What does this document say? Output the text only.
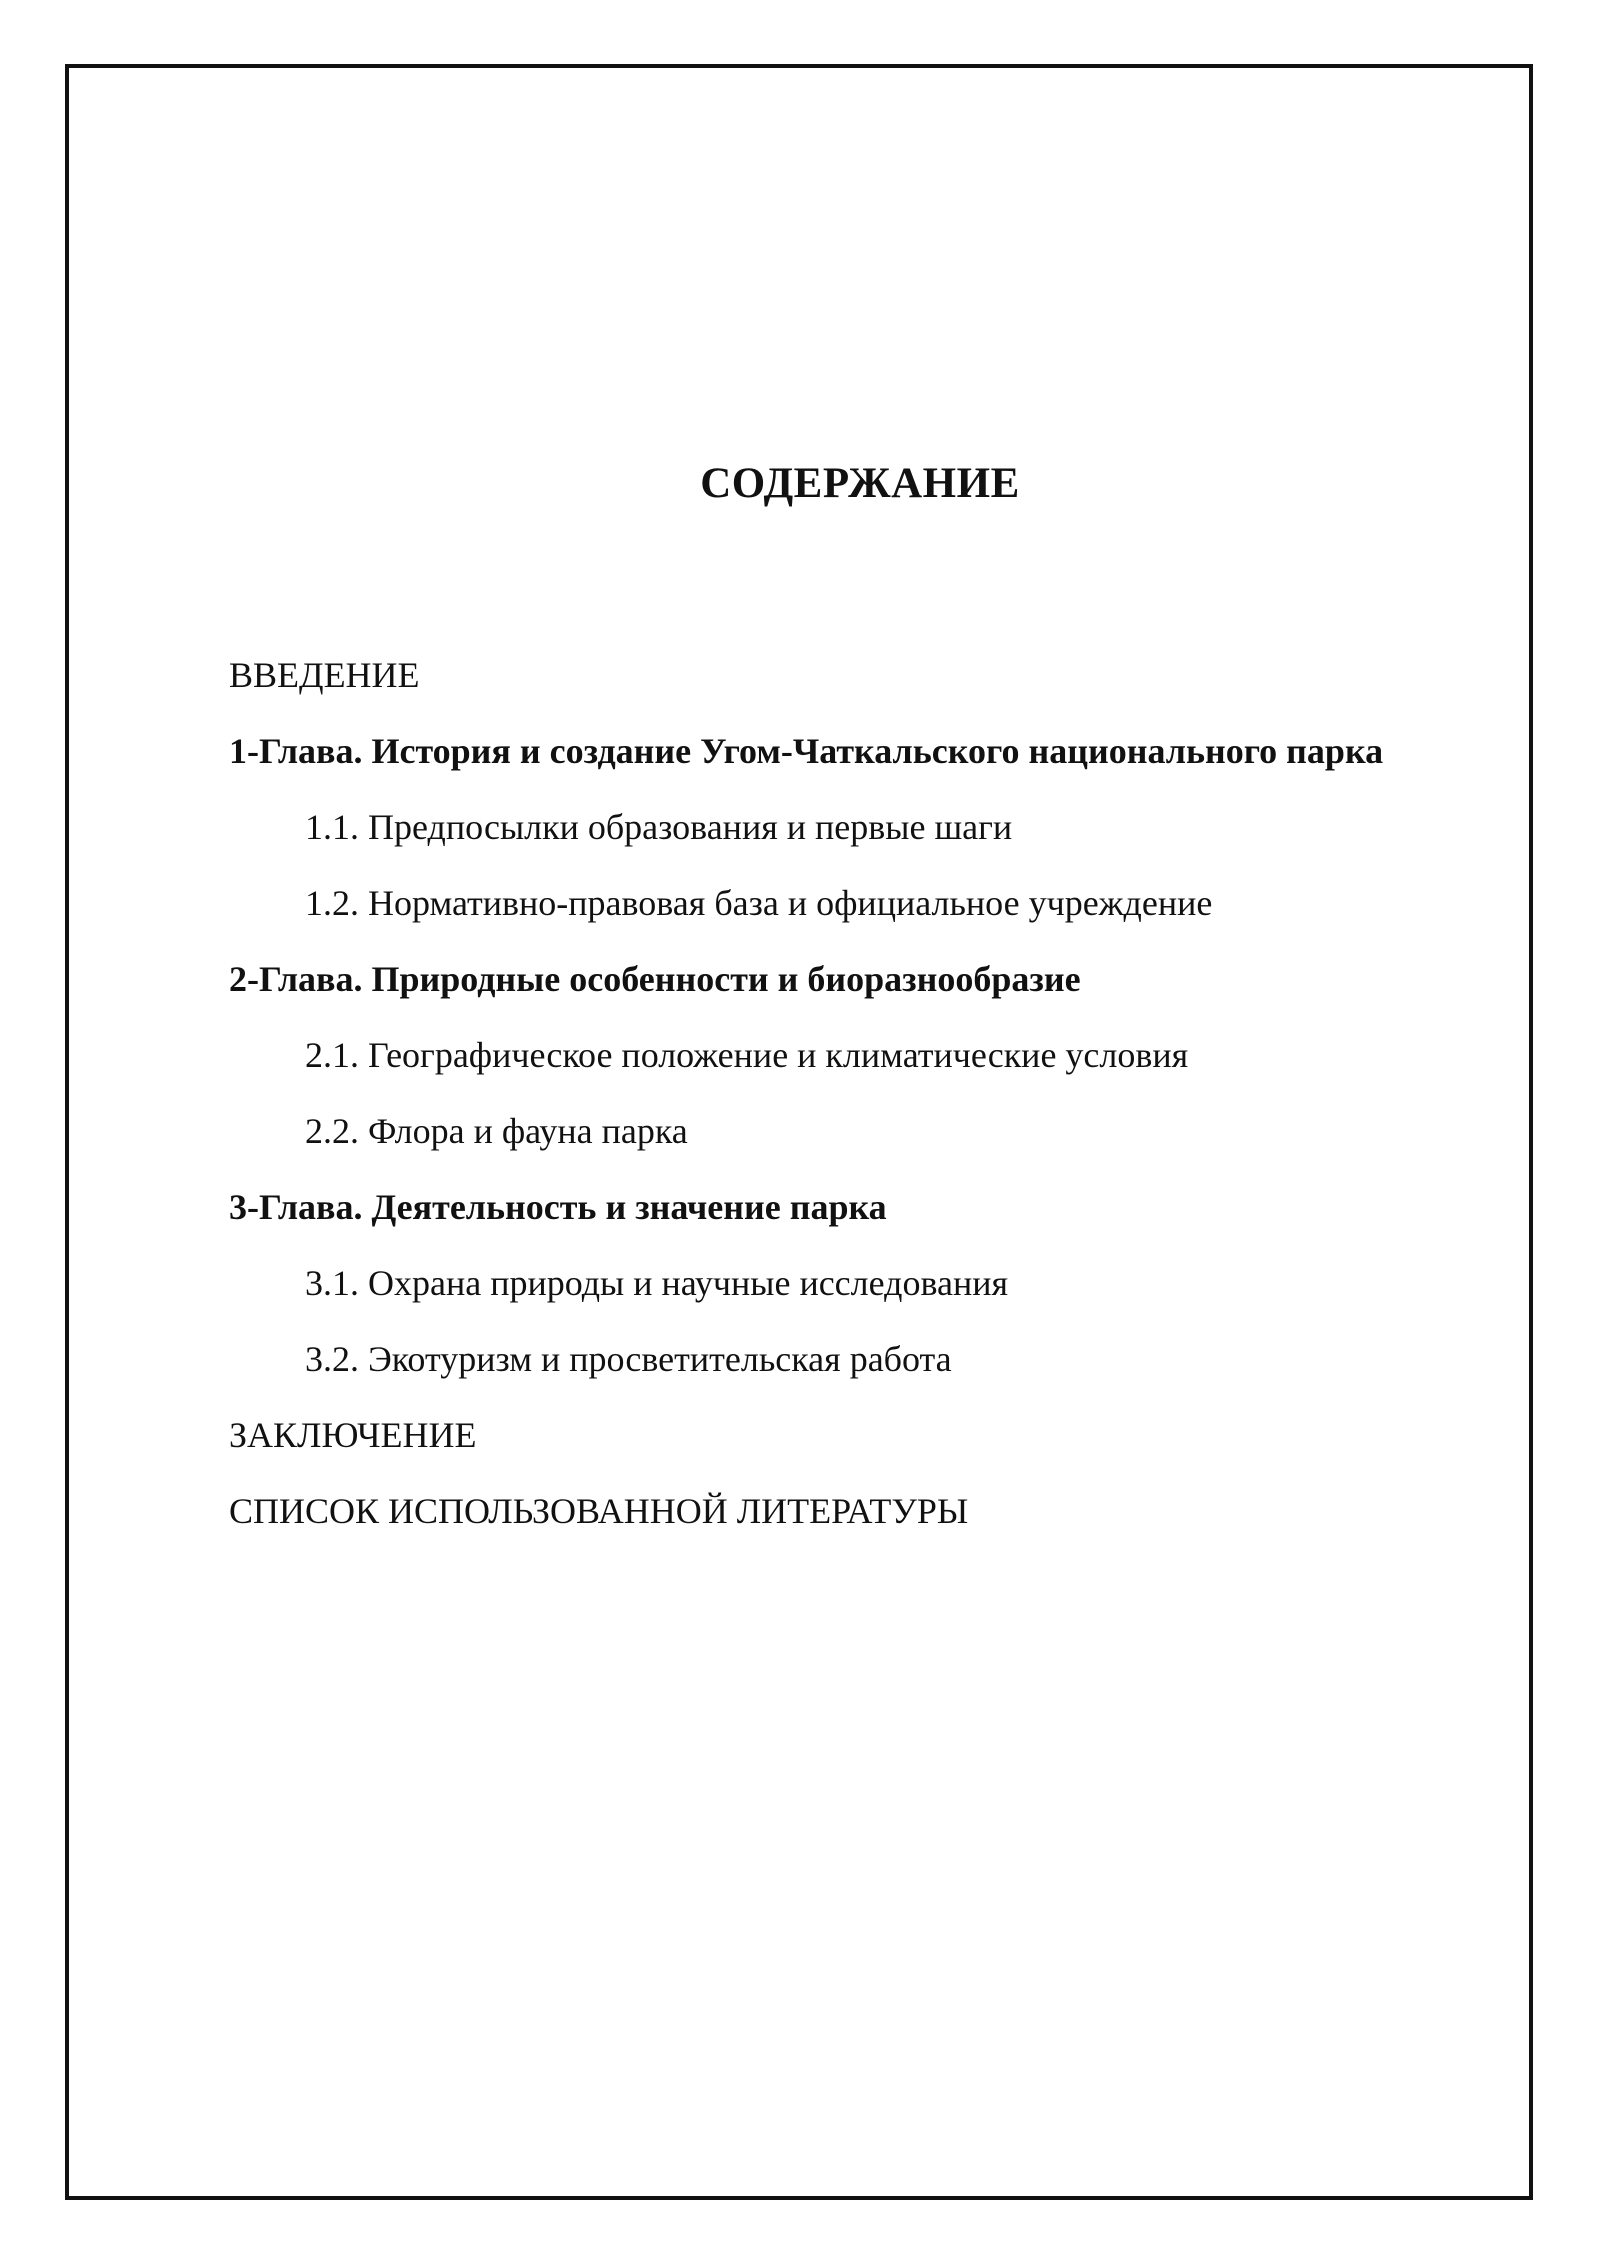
СОДЕРЖАНИЕ
ВВЕДЕНИЕ
1-Глава. История и создание Угом-Чаткальского национального парка
1.1. Предпосылки образования и первые шаги
1.2. Нормативно-правовая база и официальное учреждение
2-Глава. Природные особенности и биоразнообразие
2.1. Географическое положение и климатические условия
2.2. Флора и фауна парка
3-Глава. Деятельность и значение парка
3.1. Охрана природы и научные исследования
3.2. Экотуризм и просветительская работа
ЗАКЛЮЧЕНИЕ
СПИСОК ИСПОЛЬЗОВАННОЙ ЛИТЕРАТУРЫ
